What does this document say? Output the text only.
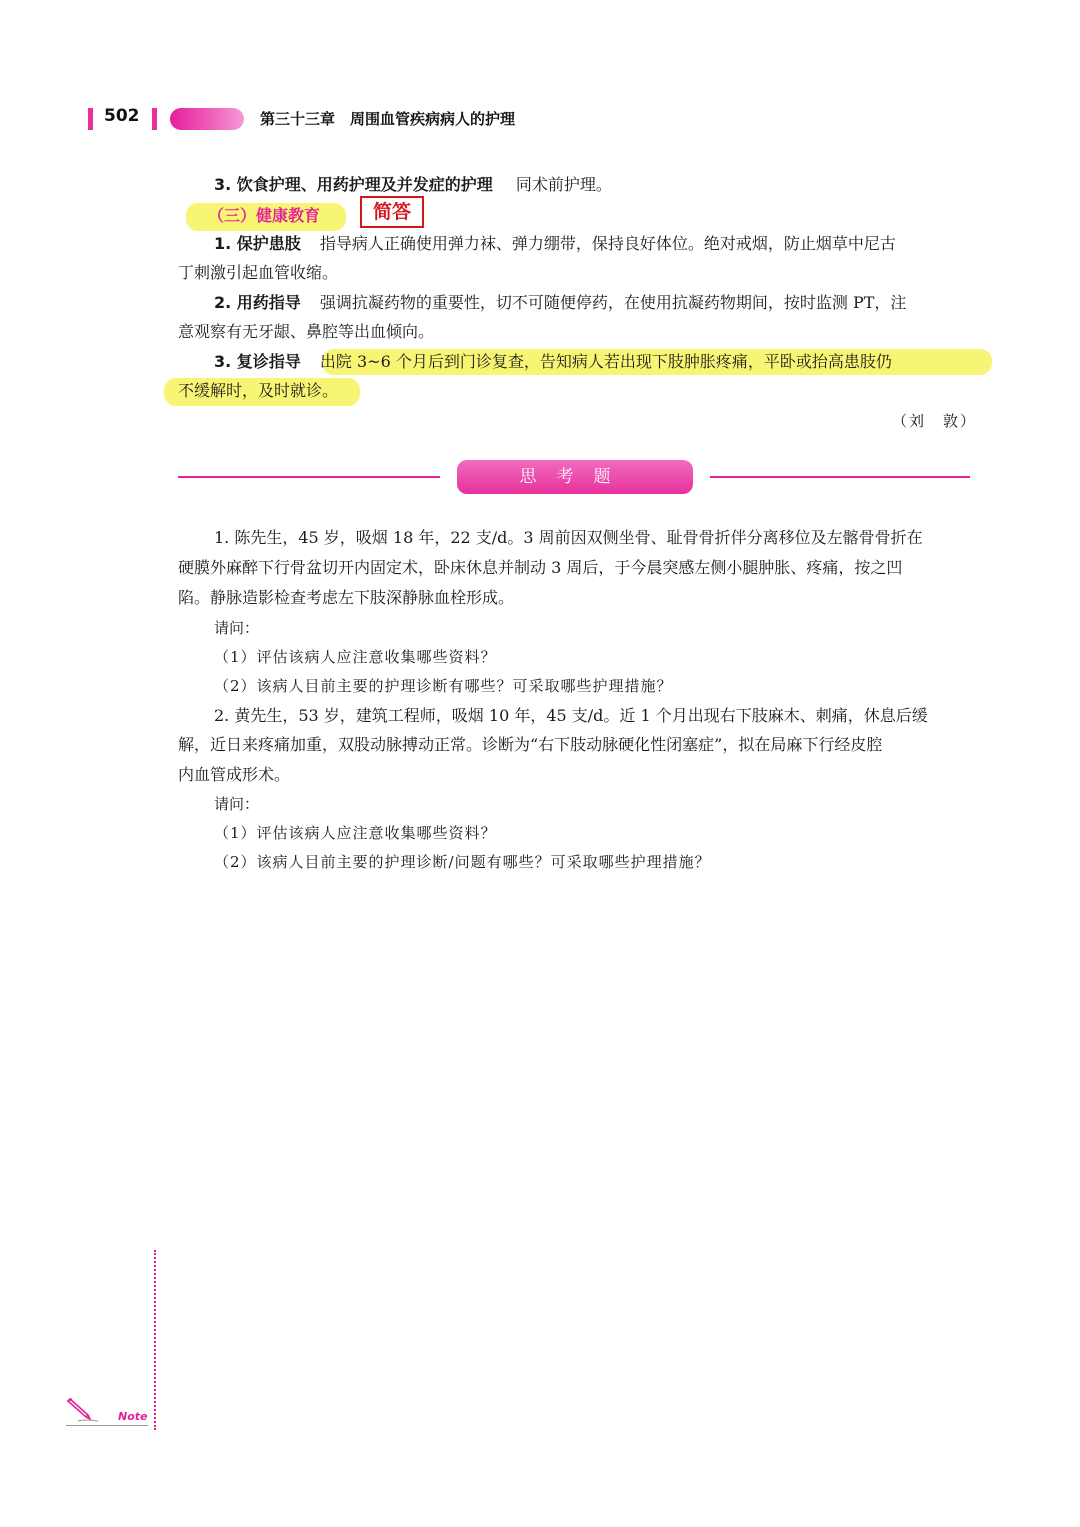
502	第三十三章　周围血管疾病病人的护理
3. 饮食护理、用药护理及并发症的护理 同术前护理。
（三）健康教育	简答
1. 保护患肢 指导病人正确使用弹力袜、弹力绷带，保持良好体位。绝对戒烟，防止烟草中尼古
丁刺激引起血管收缩。
2. 用药指导 强调抗凝药物的重要性，切不可随便停药，在使用抗凝药物期间，按时监测 PT，注
意观察有无牙龈、鼻腔等出血倾向。
3. 复诊指导 出院 3~6 个月后到门诊复查，告知病人若出现下肢肿胀疼痛，平卧或抬高患肢仍
不缓解时，及时就诊。
（刘　敦）
思考题
1. 陈先生，45 岁，吸烟 18 年，22 支/d。3 周前因双侧坐骨、耻骨骨折伴分离移位及左髂骨骨折在
硬膜外麻醉下行骨盆切开内固定术，卧床休息并制动 3 周后，于今晨突感左侧小腿肿胀、疼痛，按之凹
陷。静脉造影检查考虑左下肢深静脉血栓形成。
请问：
（1）评估该病人应注意收集哪些资料？
（2）该病人目前主要的护理诊断有哪些？可采取哪些护理措施？
2. 黄先生，53 岁，建筑工程师，吸烟 10 年，45 支/d。近 1 个月出现右下肢麻木、刺痛，休息后缓
解，近日来疼痛加重，双股动脉搏动正常。诊断为“右下肢动脉硬化性闭塞症”，拟在局麻下行经皮腔
内血管成形术。
请问：
（1）评估该病人应注意收集哪些资料？
（2）该病人目前主要的护理诊断/问题有哪些？可采取哪些护理措施？
Note
